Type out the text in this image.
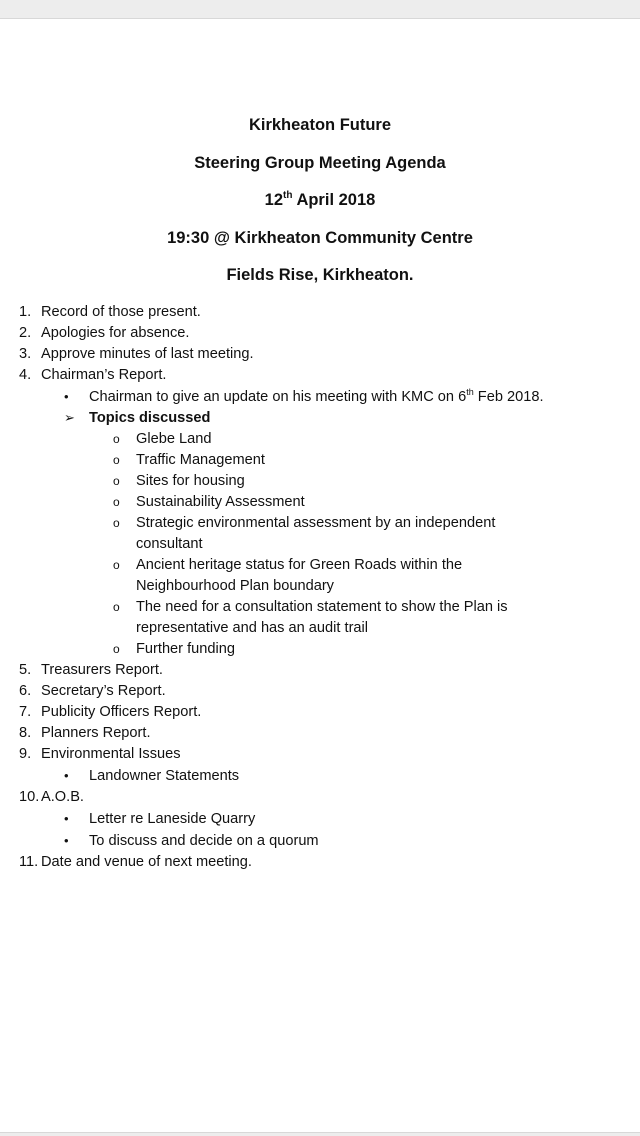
Kirkheaton Future
Steering Group Meeting Agenda
12th April 2018
19:30 @ Kirkheaton Community Centre
Fields Rise, Kirkheaton.
1. Record of those present.
2. Apologies for absence.
3. Approve minutes of last meeting.
4. Chairman’s Report.
• Chairman to give an update on his meeting with KMC on 6th Feb 2018.
➢ Topics discussed
o Glebe Land
o Traffic Management
o Sites for housing
o Sustainability Assessment
o Strategic environmental assessment by an independent
consultant
o Ancient heritage status for Green Roads within the
Neighbourhood Plan boundary
o The need for a consultation statement to show the Plan is
representative and has an audit trail
o Further funding
5. Treasurers Report.
6. Secretary’s Report.
7. Publicity Officers Report.
8. Planners Report.
9. Environmental Issues
• Landowner Statements
10. A.O.B.
• Letter re Laneside Quarry
• To discuss and decide on a quorum
11. Date and venue of next meeting.
